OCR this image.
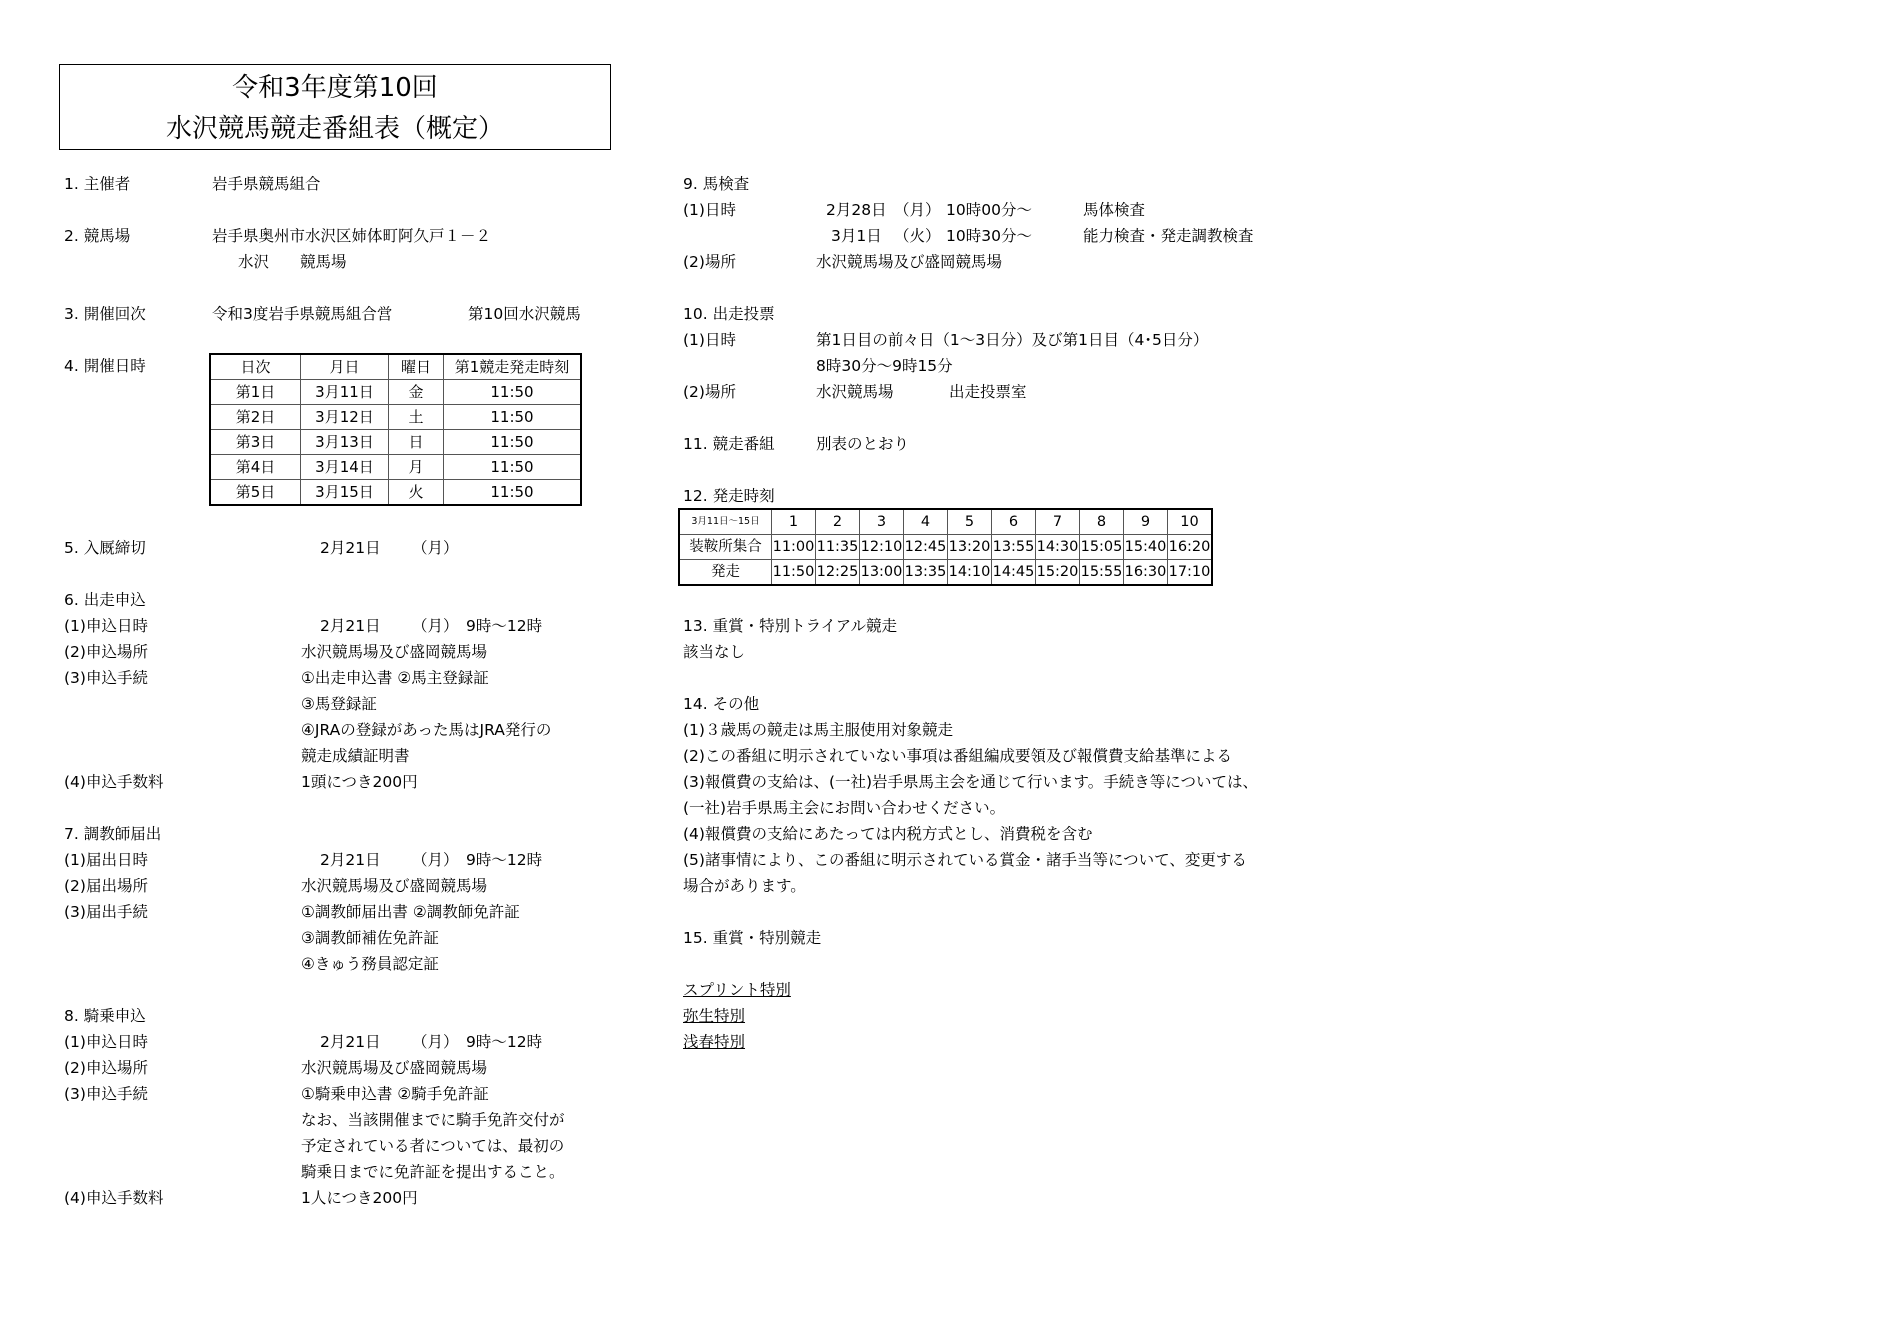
令和3年度第10回
水沢競馬競走番組表（概定）
1. 主催者	岩手県競馬組合
2. 競馬場	岩手県奥州市水沢区姉体町阿久戸１－２
水沢　　競馬場
3. 開催回次	令和3度岩手県競馬組合営	第10回水沢競馬
4. 開催日時	日次	月日	曜日	第1競走発走時刻
第1日	3月11日	金	11:50
第2日	3月12日	土	11:50
第3日	3月13日	日	11:50
第4日	3月14日	月	11:50
第5日	3月15日	火	11:50
5. 入厩締切	2月21日 （月）
6. 出走申込
(1)申込日時	2月21日 （月） 9時～12時
(2)申込場所	水沢競馬場及び盛岡競馬場
(3)申込手続	①出走申込書 ②馬主登録証
③馬登録証
④JRAの登録があった馬はJRA発行の
競走成績証明書
(4)申込手数料	1頭につき200円
7. 調教師届出
(1)届出日時	2月21日 （月） 9時～12時
(2)届出場所	水沢競馬場及び盛岡競馬場
(3)届出手続	①調教師届出書 ②調教師免許証
③調教師補佐免許証
④きゅう務員認定証
8. 騎乗申込
(1)申込日時	2月21日 （月） 9時～12時
(2)申込場所	水沢競馬場及び盛岡競馬場
(3)申込手続	①騎乗申込書 ②騎手免許証
なお、当該開催までに騎手免許交付が
予定されている者については、最初の
騎乗日までに免許証を提出すること。
(4)申込手数料	1人につき200円
9. 馬検査
(1)日時	2月28日 （月） 10時00分～	馬体検査
3月1日 （火） 10時30分～	能力検査・発走調教検査
(2)場所	水沢競馬場及び盛岡競馬場
10. 出走投票
(1)日時	第1日目の前々日（1～3日分）及び第1日目（4･5日分）
8時30分～9時15分
(2)場所	水沢競馬場	出走投票室
11. 競走番組	別表のとおり
12. 発走時刻
3月11日～15日	1	2	3	4	5	6	7	8	9	10
装鞍所集合	11:00	11:35	12:10	12:45	13:20	13:55	14:30	15:05	15:40	16:20
発走	11:50	12:25	13:00	13:35	14:10	14:45	15:20	15:55	16:30	17:10
13. 重賞・特別トライアル競走
該当なし
14. その他
(1)３歳馬の競走は馬主服使用対象競走
(2)この番組に明示されていない事項は番組編成要領及び報償費支給基準による
(3)報償費の支給は、(一社)岩手県馬主会を通じて行います。手続き等については、
(一社)岩手県馬主会にお問い合わせください。
(4)報償費の支給にあたっては内税方式とし、消費税を含む
(5)諸事情により、この番組に明示されている賞金・諸手当等について、変更する
場合があります。
15. 重賞・特別競走
スプリント特別
弥生特別
浅春特別
